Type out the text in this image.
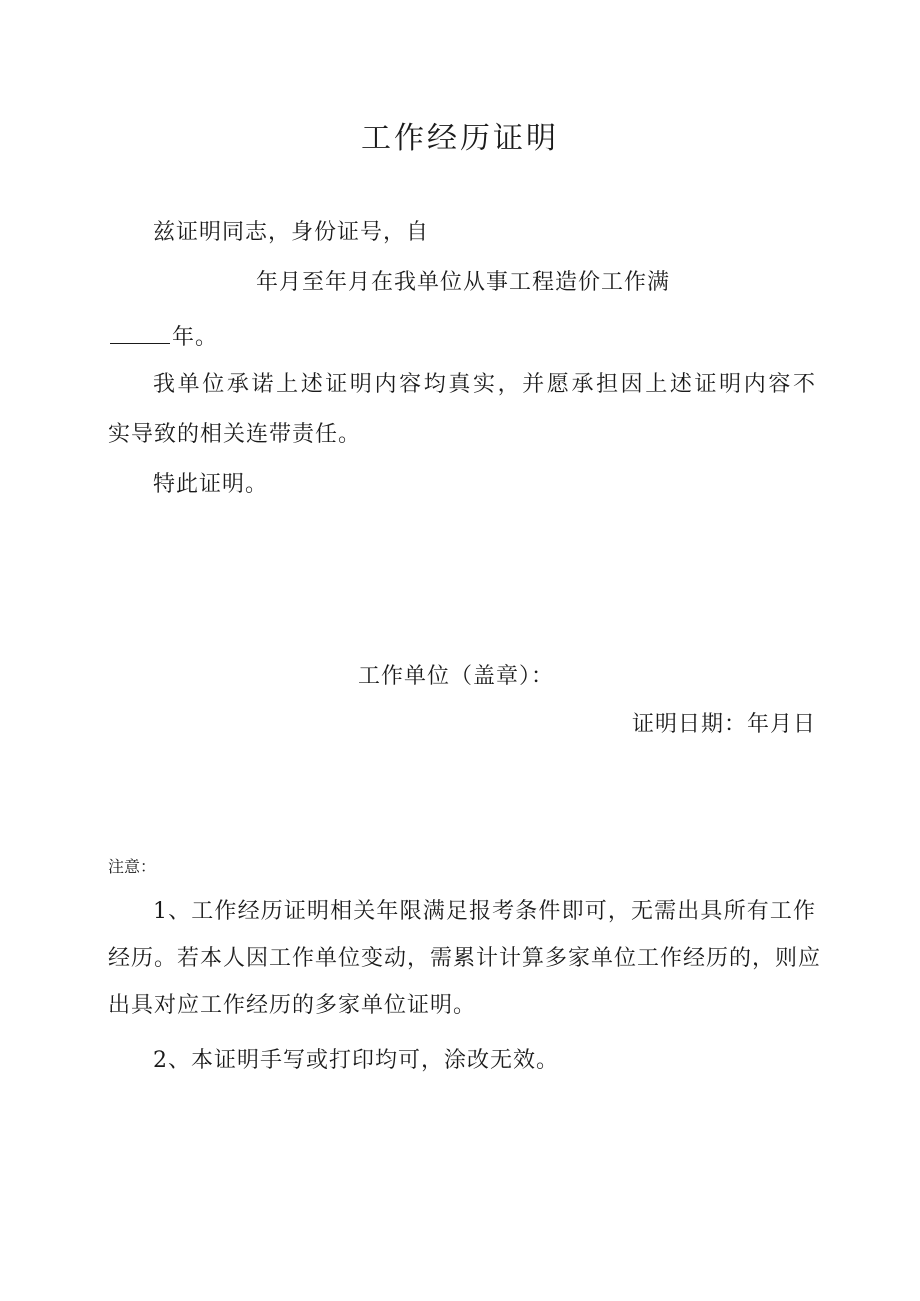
工作经历证明
兹证明同志，身份证号，自
年月至年月在我单位从事工程造价工作满
年。
我单位承诺上述证明内容均真实，并愿承担因上述证明内容不
实导致的相关连带责任。
特此证明。
工作单位（盖章）：
证明日期：年月日
注意：
1、工作经历证明相关年限满足报考条件即可，无需出具所有工作
经历。若本人因工作单位变动，需累计计算多家单位工作经历的，则应
出具对应工作经历的多家单位证明。
2、本证明手写或打印均可，涂改无效。
